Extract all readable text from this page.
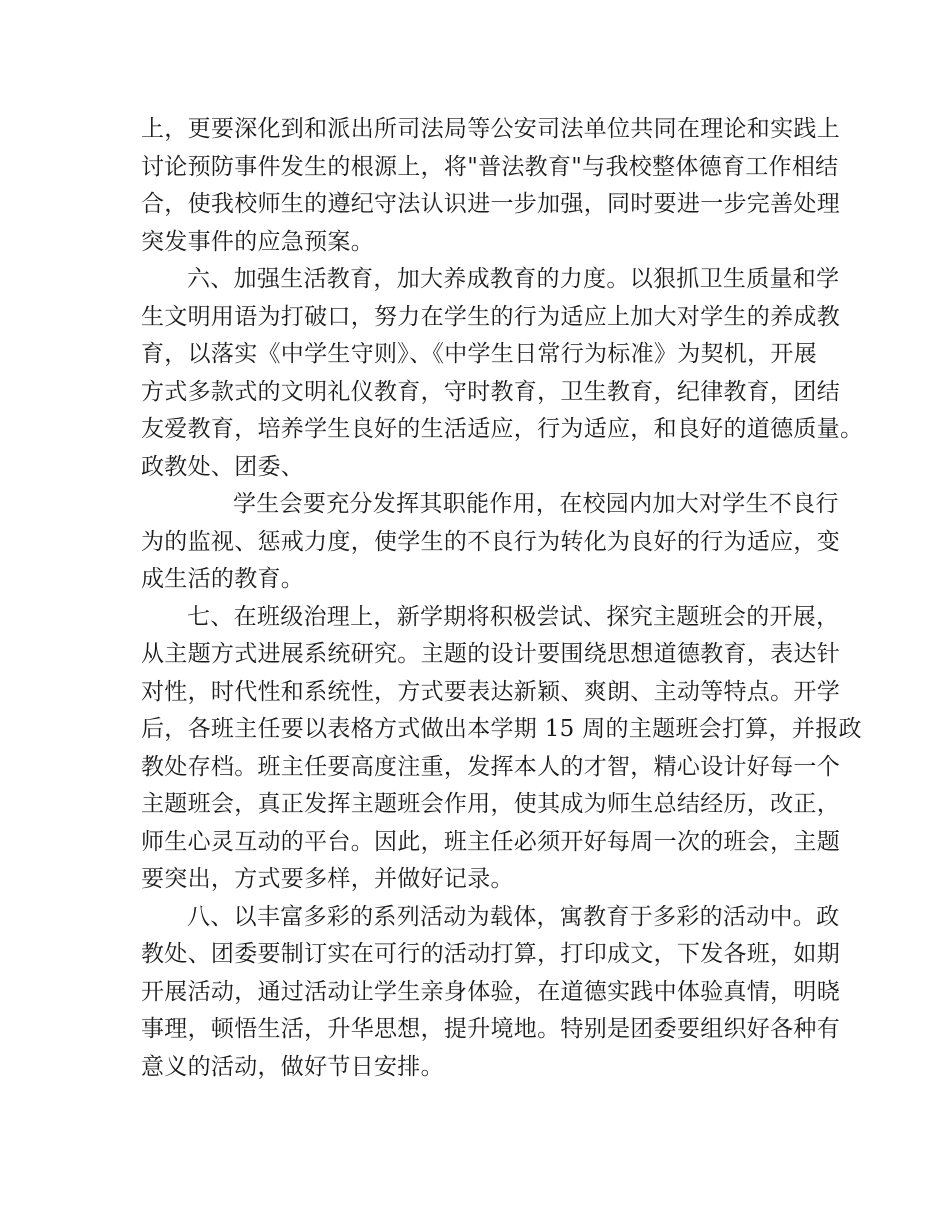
上，更要深化到和派出所司法局等公安司法单位共同在理论和实践上
讨论预防事件发生的根源上，将"普法教育"与我校整体德育工作相结
合，使我校师生的遵纪守法认识进一步加强，同时要进一步完善处理
突发事件的应急预案。
六、加强生活教育，加大养成教育的力度。以狠抓卫生质量和学
生文明用语为打破口，努力在学生的行为适应上加大对学生的养成教
育，以落实《中学生守则》、《中学生日常行为标准》为契机，开展
方式多款式的文明礼仪教育，守时教育，卫生教育，纪律教育，团结
友爱教育，培养学生良好的生活适应，行为适应，和良好的道德质量。
政教处、团委、
学生会要充分发挥其职能作用，在校园内加大对学生不良行
为的监视、惩戒力度，使学生的不良行为转化为良好的行为适应，变
成生活的教育。
七、在班级治理上，新学期将积极尝试、探究主题班会的开展，
从主题方式进展系统研究。主题的设计要围绕思想道德教育，表达针
对性，时代性和系统性，方式要表达新颖、爽朗、主动等特点。开学
后，各班主任要以表格方式做出本学期 15 周的主题班会打算，并报政
教处存档。班主任要高度注重，发挥本人的才智，精心设计好每一个
主题班会，真正发挥主题班会作用，使其成为师生总结经历，改正，
师生心灵互动的平台。因此，班主任必须开好每周一次的班会，主题
要突出，方式要多样，并做好记录。
八、以丰富多彩的系列活动为载体，寓教育于多彩的活动中。政
教处、团委要制订实在可行的活动打算，打印成文，下发各班，如期
开展活动，通过活动让学生亲身体验，在道德实践中体验真情，明晓
事理，顿悟生活，升华思想，提升境地。特别是团委要组织好各种有
意义的活动，做好节日安排。
